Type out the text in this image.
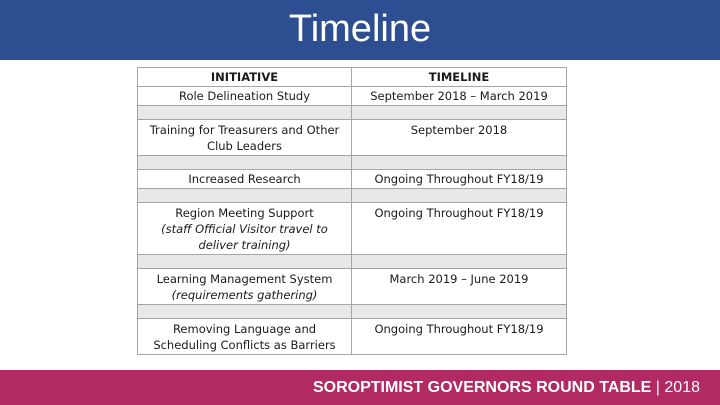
Timeline
INITIATIVE	TIMELINE

Role Delineation Study	September 2018 – March 2019

Training for Treasurers and Other Club Leaders	September 2018

Increased Research	Ongoing Throughout FY18/19

Region Meeting Support
(staff Official Visitor travel to deliver training)	Ongoing Throughout FY18/19

Learning Management System
(requirements gathering)	March 2019 – June 2019

Removing Language and Scheduling Conflicts as Barriers	Ongoing Throughout FY18/19
SOROPTIMIST GOVERNORS ROUND TABLE | 2018
